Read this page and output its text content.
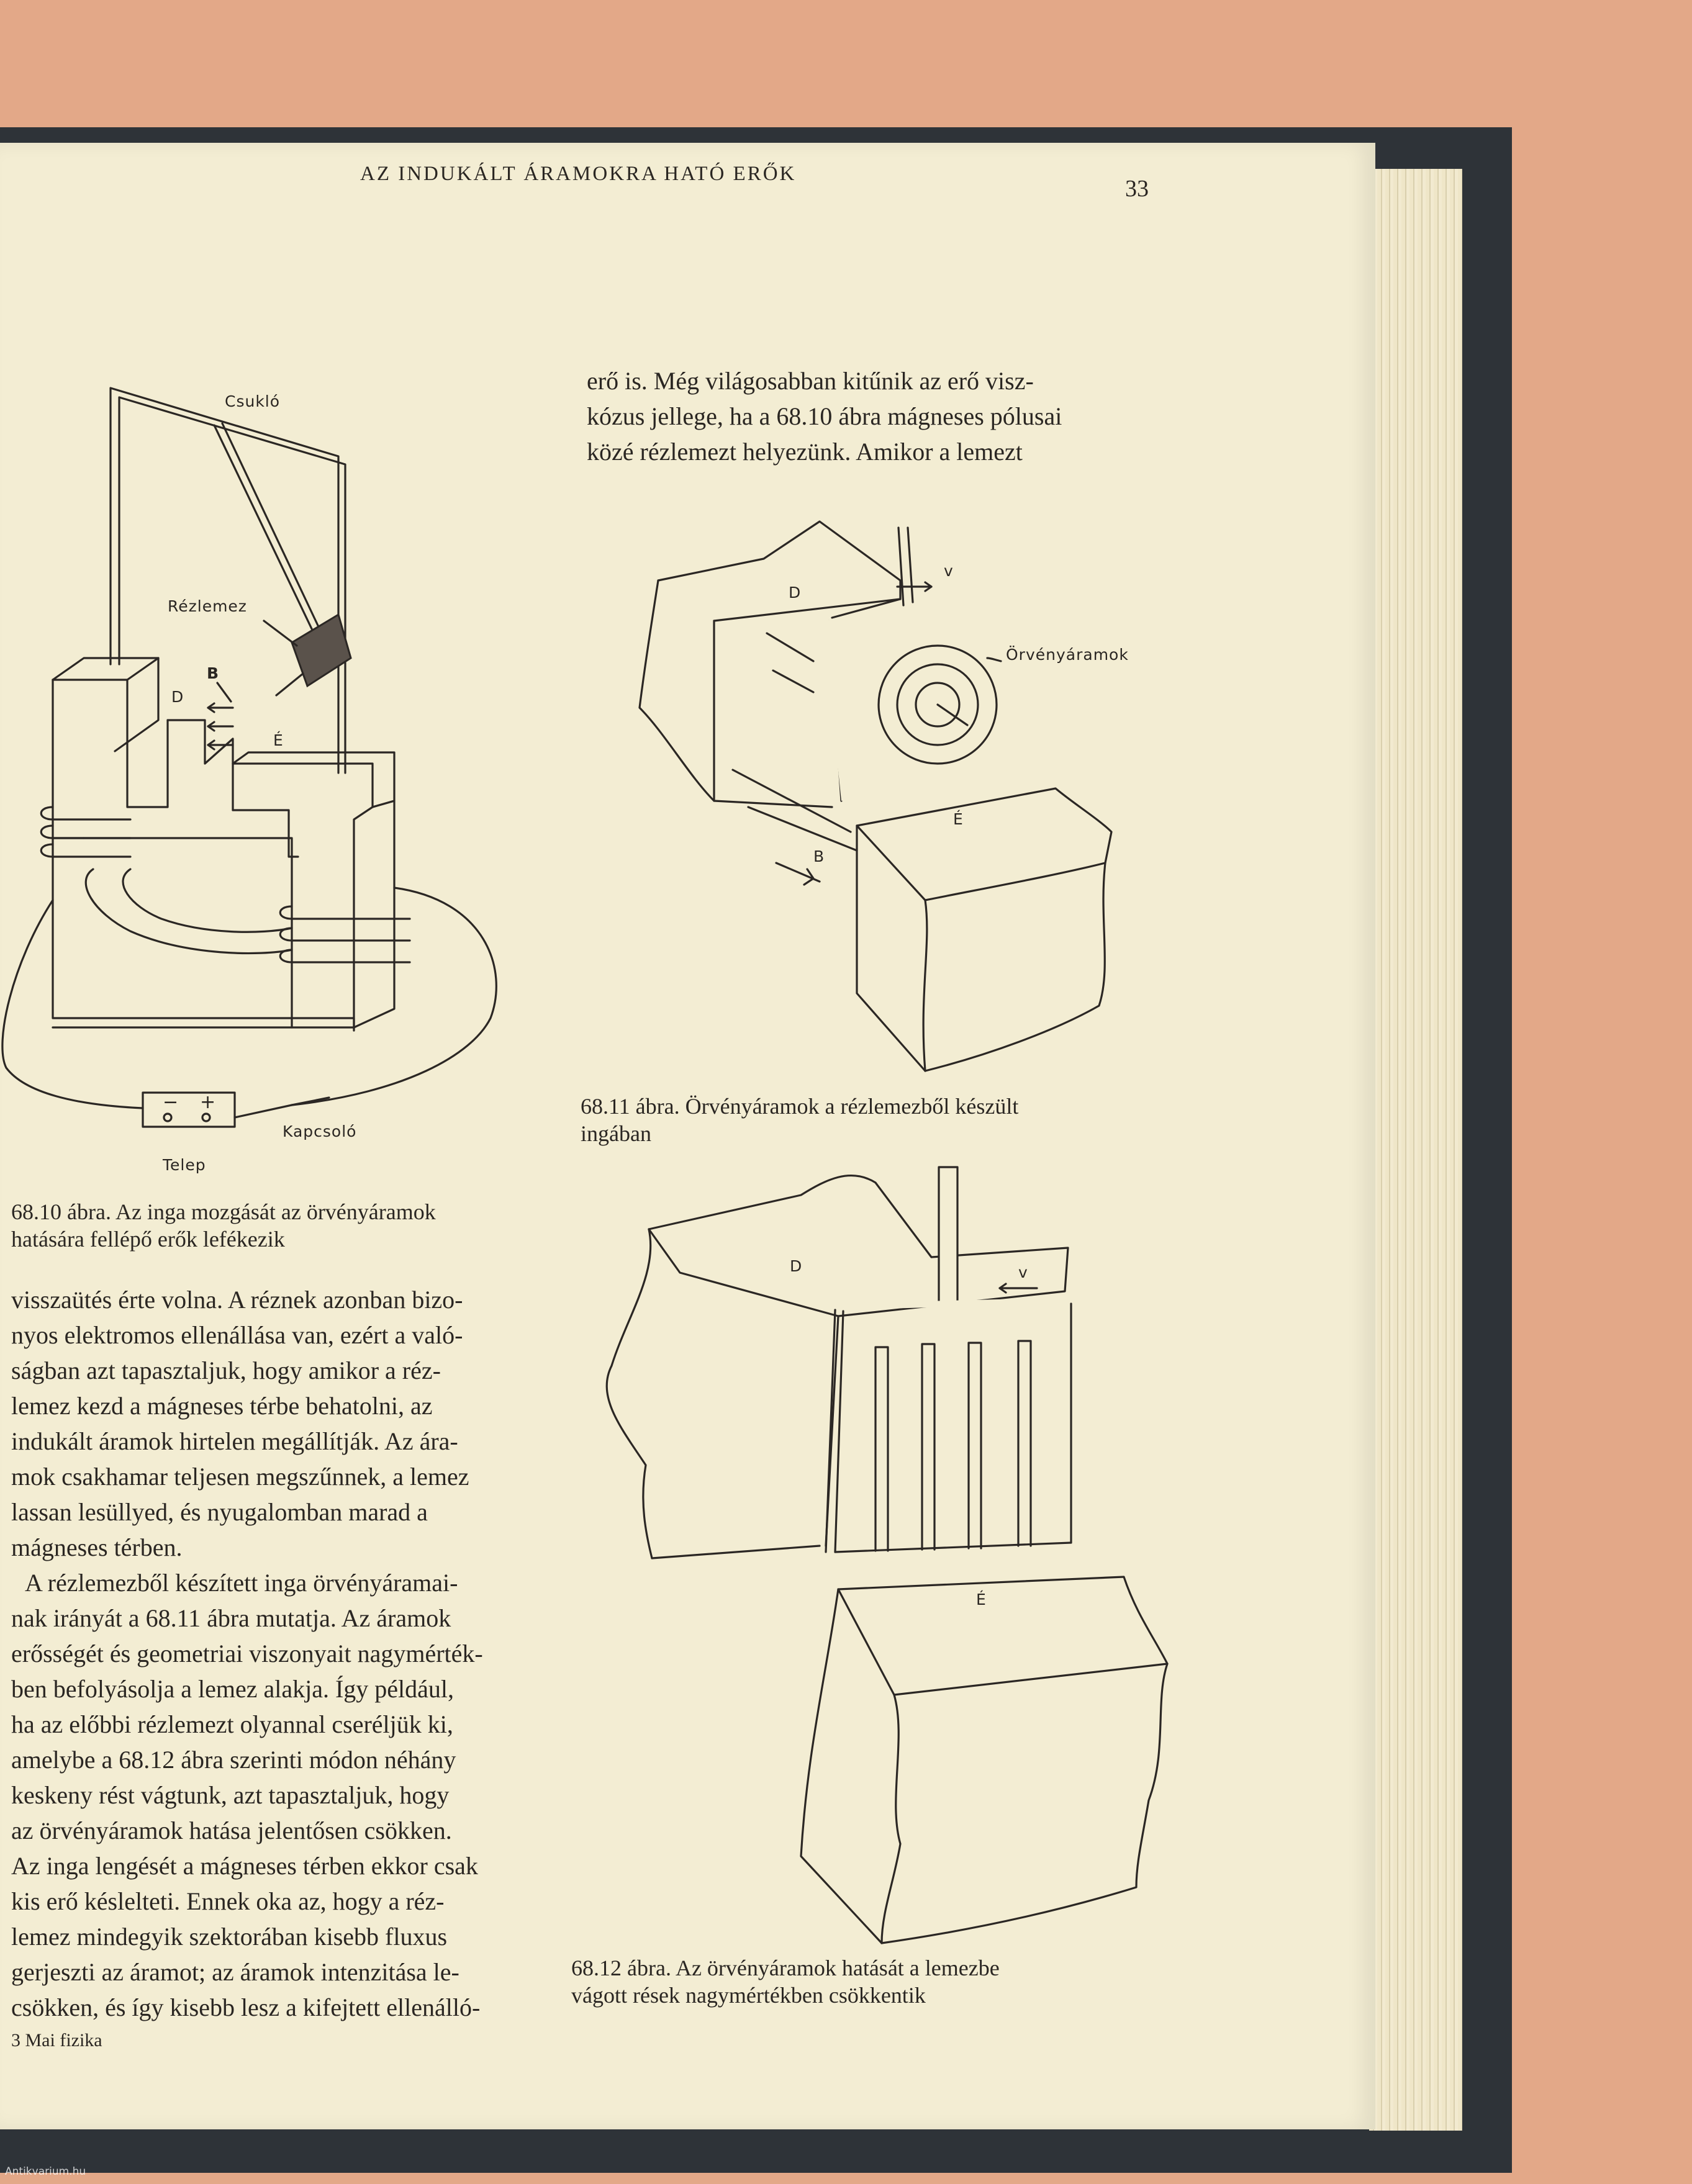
AZ INDUKÁLT ÁRAMOKRA HATÓ ERŐK
33
erő is. Még világosabban kitűnik az erő visz-
kózus jellege, ha a 68.10 ábra mágneses pólusai
közé rézlemezt helyezünk. Amikor a lemezt
Csukló
Rézlemez
B
D
É
− +
Telep
Kapcsoló
68.10 ábra. Az inga mozgását az örvényáramok
hatására fellépő erők lefékezik
D
v
Örvényáramok
É
B
68.11 ábra. Örvényáramok a rézlemezből készült
ingában
D	v
É
68.12 ábra. Az örvényáramok hatását a lemezbe
vágott rések nagymértékben csökkentik
visszaütés érte volna. A réznek azonban bizo-
nyos elektromos ellenállása van, ezért a való-
ságban azt tapasztaljuk, hogy amikor a réz-
lemez kezd a mágneses térbe behatolni, az
indukált áramok hirtelen megállítják. Az ára-
mok csakhamar teljesen megszűnnek, a lemez
lassan lesüllyed, és nyugalomban marad a
mágneses térben.
A rézlemezből készített inga örvényáramai-
nak irányát a 68.11 ábra mutatja. Az áramok
erősségét és geometriai viszonyait nagymérték-
ben befolyásolja a lemez alakja. Így például,
ha az előbbi rézlemezt olyannal cseréljük ki,
amelybe a 68.12 ábra szerinti módon néhány
keskeny rést vágtunk, azt tapasztaljuk, hogy
az örvényáramok hatása jelentősen csökken.
Az inga lengését a mágneses térben ekkor csak
kis erő késlelteti. Ennek oka az, hogy a réz-
lemez mindegyik szektorában kisebb fluxus
gerjeszti az áramot; az áramok intenzitása le-
csökken, és így kisebb lesz a kifejtett ellenálló-
3 Mai fizika
Antikvarium.hu
